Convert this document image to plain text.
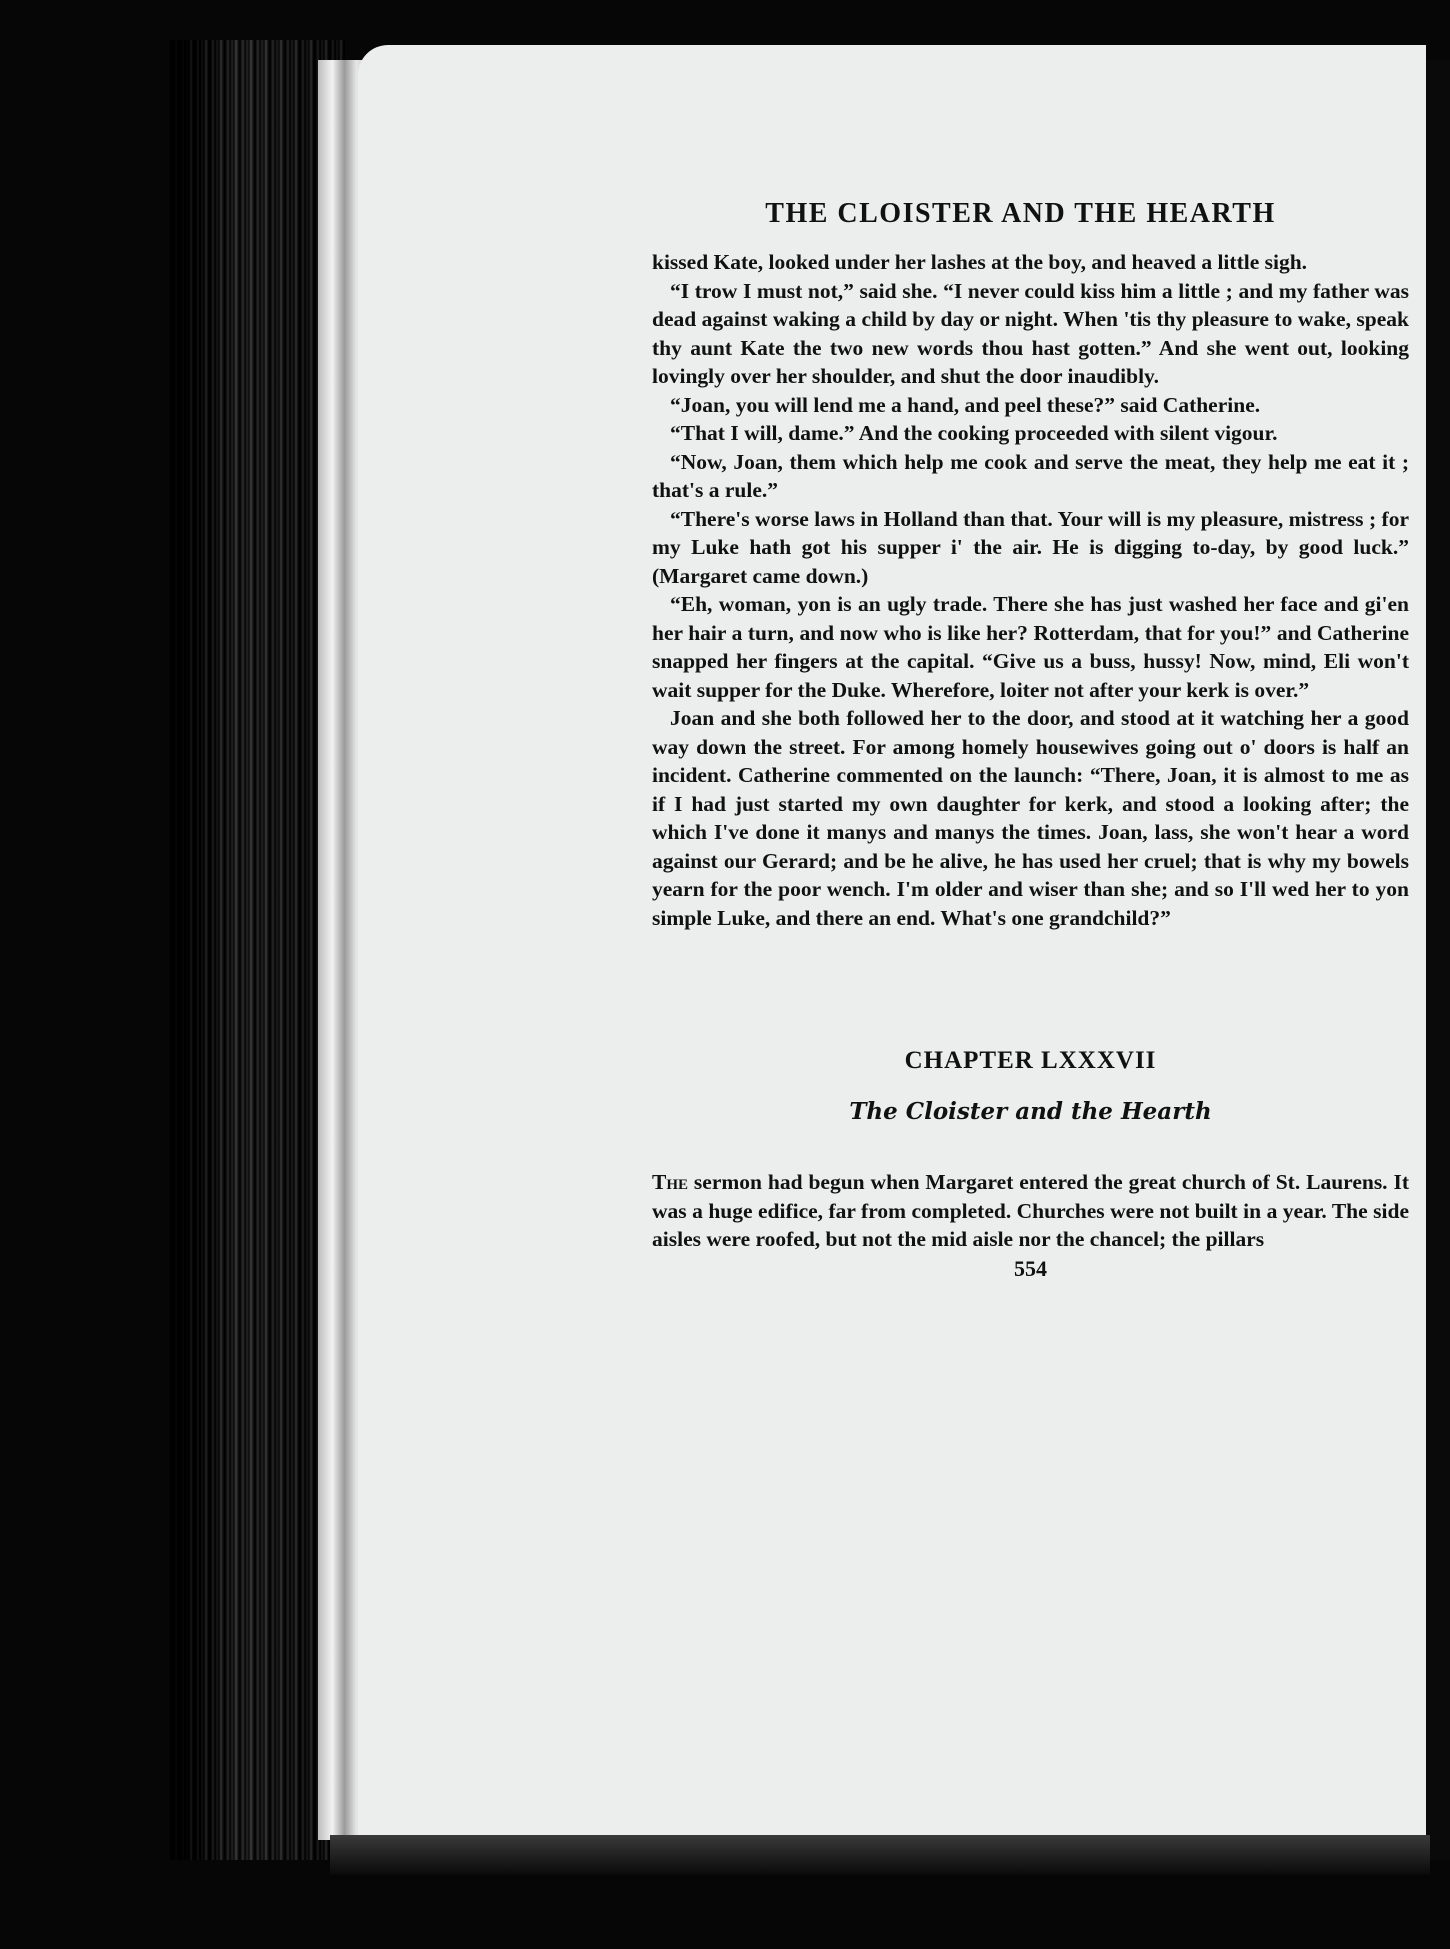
THE CLOISTER AND THE HEARTH

kissed Kate, looked under her lashes at the boy, and heaved a little sigh.

“I trow I must not,” said she. “I never could kiss him a little ; and my father was dead against waking a child by day or night. When 'tis thy pleasure to wake, speak thy aunt Kate the two new words thou hast gotten.” And she went out, looking lovingly over her shoulder, and shut the door inaudibly.

“Joan, you will lend me a hand, and peel these?” said Catherine.

“That I will, dame.” And the cooking proceeded with silent vigour.

“Now, Joan, them which help me cook and serve the meat, they help me eat it ; that's a rule.”

“There's worse laws in Holland than that. Your will is my pleasure, mistress ; for my Luke hath got his supper i' the air. He is digging to-day, by good luck.” (Margaret came down.)

“Eh, woman, yon is an ugly trade. There she has just washed her face and gi'en her hair a turn, and now who is like her? Rotterdam, that for you!” and Catherine snapped her fingers at the capital. “Give us a buss, hussy! Now, mind, Eli won't wait supper for the Duke. Wherefore, loiter not after your kerk is over.”

Joan and she both followed her to the door, and stood at it watching her a good way down the street. For among homely housewives going out o' doors is half an incident. Catherine commented on the launch: “There, Joan, it is almost to me as if I had just started my own daughter for kerk, and stood a looking after; the which I've done it manys and manys the times. Joan, lass, she won't hear a word against our Gerard; and be he alive, he has used her cruel; that is why my bowels yearn for the poor wench. I'm older and wiser than she; and so I'll wed her to yon simple Luke, and there an end. What's one grandchild?”

CHAPTER LXXXVII
The Cloister and the Hearth

The sermon had begun when Margaret entered the great church of St. Laurens. It was a huge edifice, far from completed. Churches were not built in a year. The side aisles were roofed, but not the mid aisle nor the chancel; the pillars

554
